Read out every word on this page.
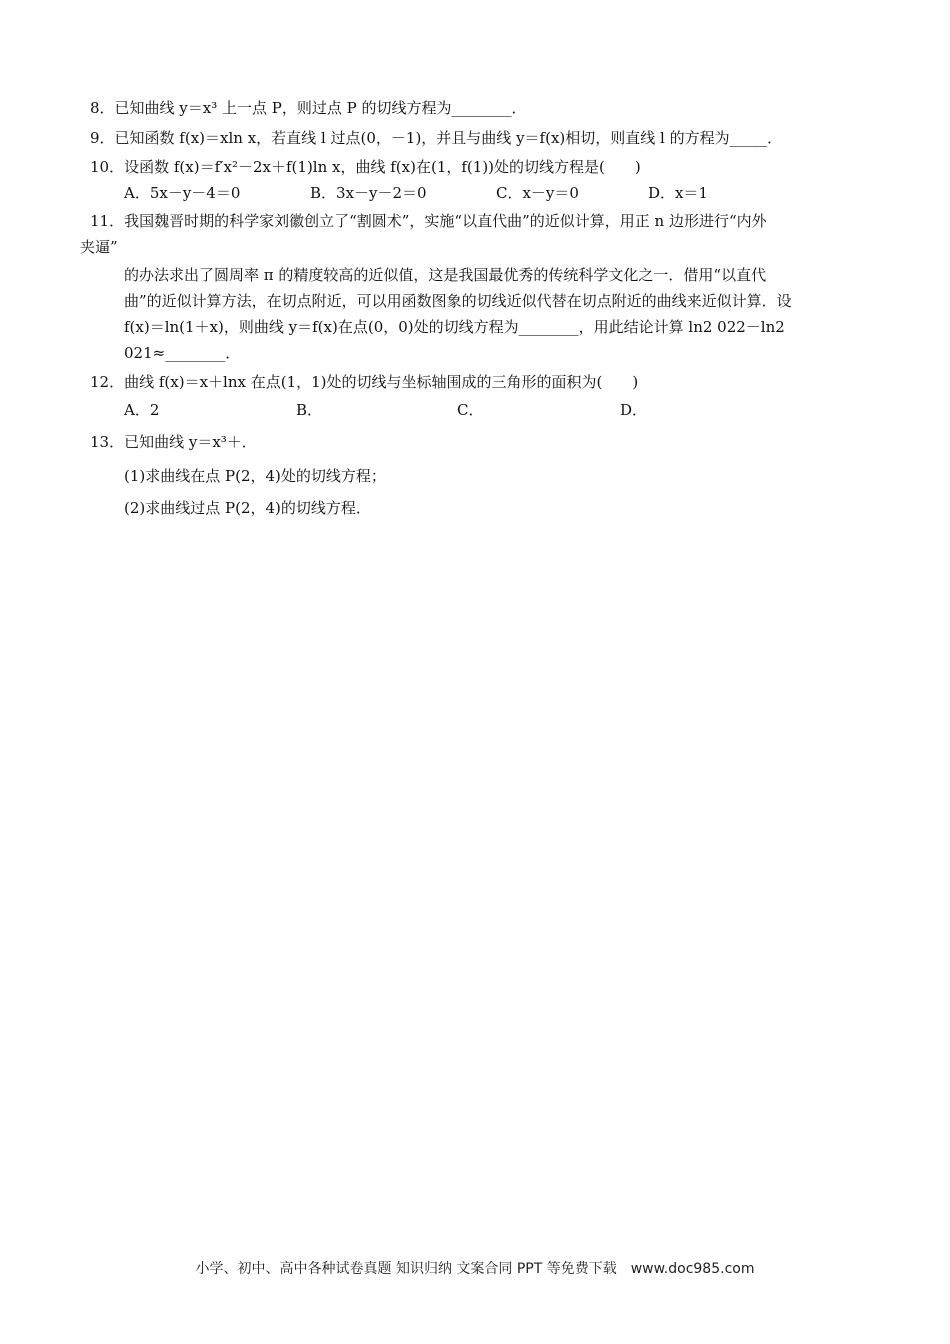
8．已知曲线 y＝x³ 上一点 P，则过点 P 的切线方程为________．
9．已知函数 f(x)＝xln x，若直线 l 过点(0，－1)，并且与曲线 y＝f(x)相切，则直线 l 的方程为_____．
10．设函数 f(x)＝f′x²－2x＋f(1)ln x，曲线 f(x)在(1，f(1))处的切线方程是(　　)
A．5x－y－4＝0	B．3x－y－2＝0	C．x－y＝0	D．x＝1
11．我国魏晋时期的科学家刘徽创立了“割圆术”，实施“以直代曲”的近似计算，用正 n 边形进行“内外
夹逼”
的办法求出了圆周率 π 的精度较高的近似值，这是我国最优秀的传统科学文化之一．借用“以直代
曲”的近似计算方法，在切点附近，可以用函数图象的切线近似代替在切点附近的曲线来近似计算．设
f(x)＝ln(1＋x)，则曲线 y＝f(x)在点(0，0)处的切线方程为________，用此结论计算 ln2 022－ln2
021≈________．
12．曲线 f(x)＝x＋lnx 在点(1，1)处的切线与坐标轴围成的三角形的面积为(　　)
A．2	B．	C．	D．
13．已知曲线 y＝x³＋．
(1)求曲线在点 P(2，4)处的切线方程；
(2)求曲线过点 P(2，4)的切线方程．
小学、初中、高中各种试卷真题 知识归纳 文案合同 PPT 等免费下载　www.doc985.com
